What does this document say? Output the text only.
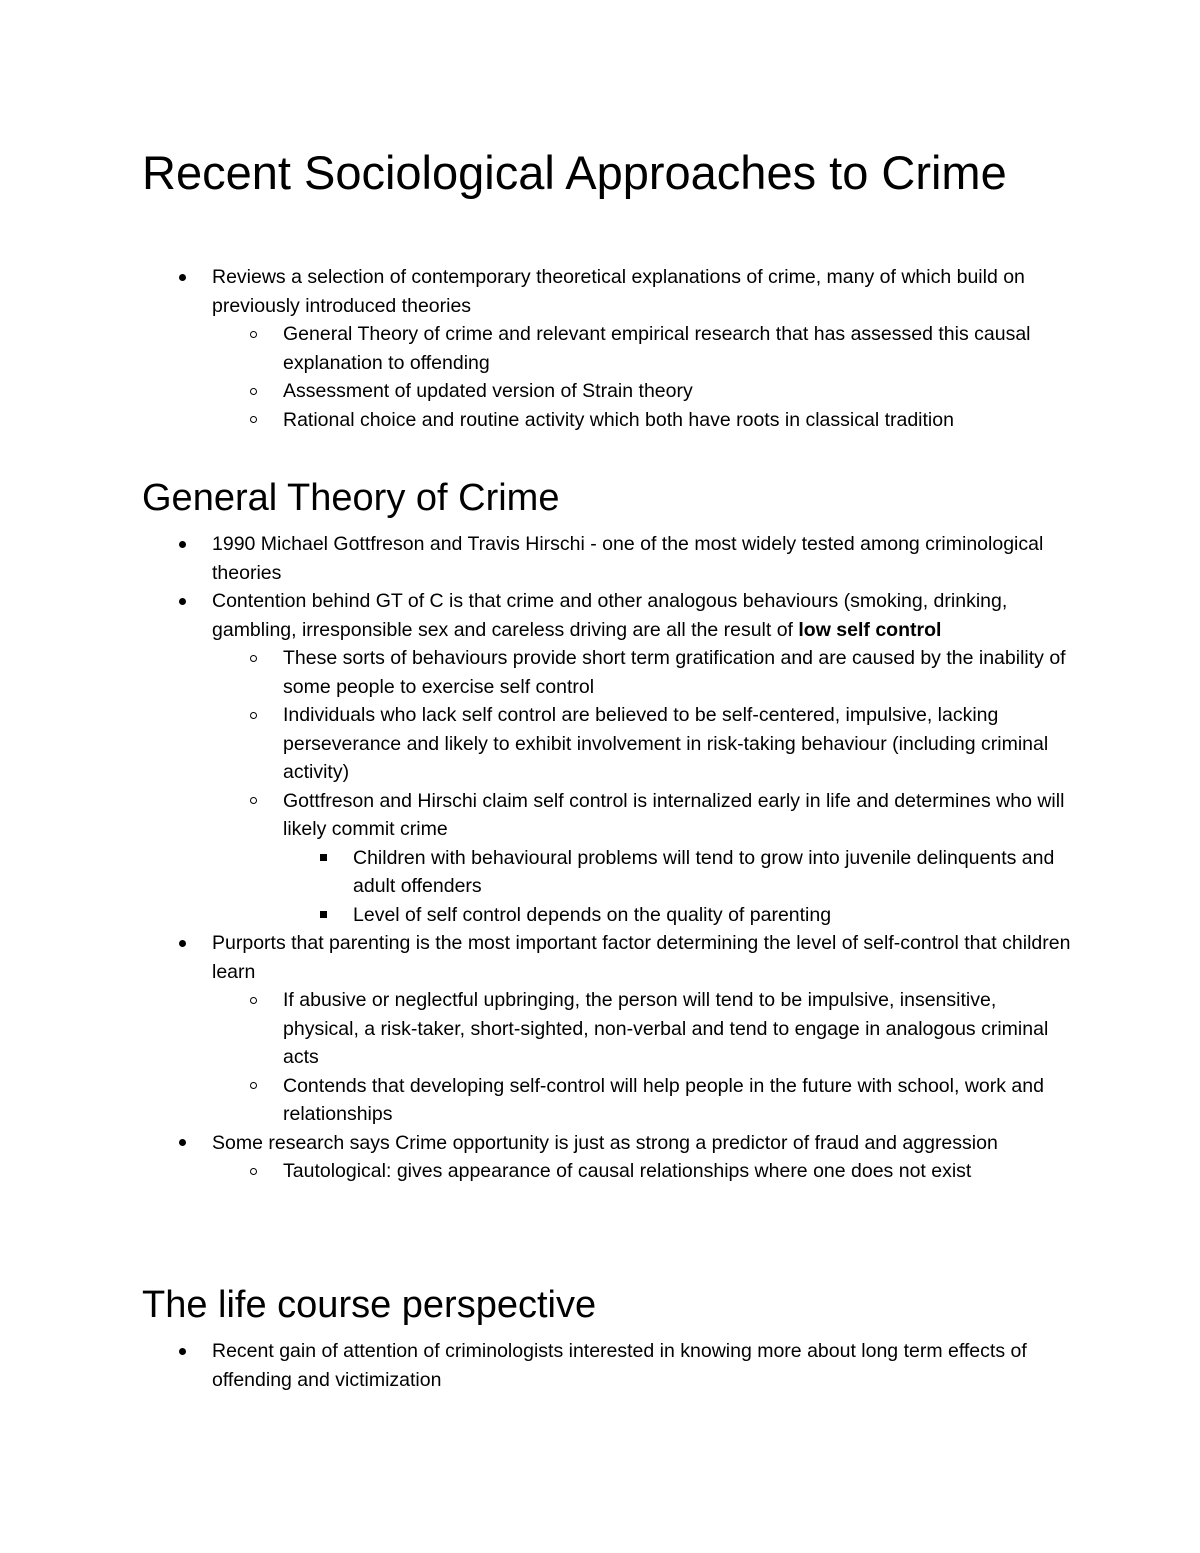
Recent Sociological Approaches to Crime
Reviews a selection of contemporary theoretical explanations of crime, many of which build on previously introduced theories
General Theory of crime and relevant empirical research that has assessed this causal explanation to offending
Assessment of updated version of Strain theory
Rational choice and routine activity which both have roots in classical tradition
General Theory of Crime
1990 Michael Gottfreson and Travis Hirschi - one of the most widely tested among criminological theories
Contention behind GT of C is that crime and other analogous behaviours (smoking, drinking, gambling, irresponsible sex and careless driving are all the result of low self control
These sorts of behaviours provide short term gratification and are caused by the inability of some people to exercise self control
Individuals who lack self control are believed to be self-centered, impulsive, lacking perseverance and likely to exhibit involvement in risk-taking behaviour (including criminal activity)
Gottfreson and Hirschi claim self control is internalized early in life and determines who will likely commit crime
Children with behavioural problems will tend to grow into juvenile delinquents and adult offenders
Level of self control depends on the quality of parenting
Purports that parenting is the most important factor determining the level of self-control that children learn
If abusive or neglectful upbringing, the person will tend to be impulsive, insensitive, physical, a risk-taker, short-sighted, non-verbal and tend to engage in analogous criminal acts
Contends that developing self-control will help people in the future with school, work and relationships
Some research says Crime opportunity is just as strong a predictor of fraud and aggression
Tautological: gives appearance of causal relationships where one does not exist
The life course perspective
Recent gain of attention of criminologists interested in knowing more about long term effects of offending and victimization
